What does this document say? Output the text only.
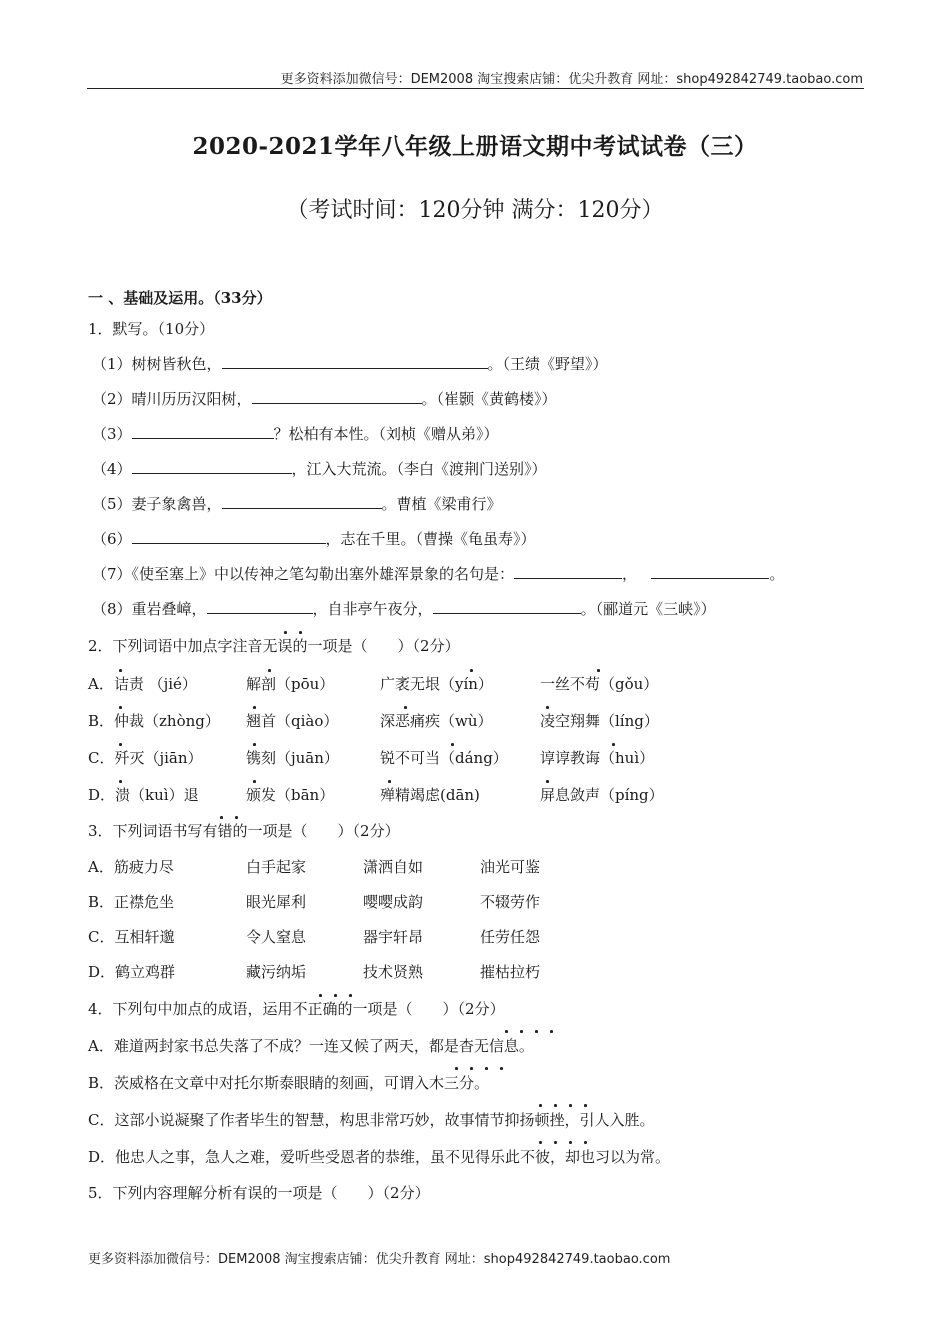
更多资料添加微信号：DEM2008 淘宝搜索店铺：优尖升教育 网址：shop492842749.taobao.com
2020-2021学年八年级上册语文期中考试试卷（三）
（考试时间：120分钟 满分：120分）
一 、基础及运用。（33分）
1．默写。（10分）
（1）树树皆秋色，	。（王绩《野望》）
（2）晴川历历汉阳树，	。（崔颢《黄鹤楼》）
（3）	？松柏有本性。（刘桢《赠从弟》）
（4）	，江入大荒流。（李白《渡荆门送别》）
（5）妻子象禽兽，	。曹植《梁甫行》
（6）	，志在千里。（曹操《龟虽寿》）
（7）《使至塞上》中以传神之笔勾勒出塞外雄浑景象的名句是：	，	。
（8）重岩叠嶂，	，自非亭午夜分，	。（郦道元《三峡》）
2．下列词语中加点字注音无误的一项是（　　）（2分）
A．诘责 （jié）	解剖（pōu）	广袤无垠（yín）	一丝不苟（gǒu）
B．仲裁（zhòng） 翘首（qiào）	深恶痛疾（wù）	凌空翔舞（líng）
C．歼灭（jiān）	镌刻（juān）	锐不可当（dáng） 谆谆教诲（huì）
D．溃（kuì）退	颁发（bān）	殚精竭虑(dān)	屏息敛声（píng）
3．下列词语书写有错的一项是（　　）（2分）
A．筋疲力尽	白手起家	潇洒自如	油光可鉴
B．正襟危坐	眼光犀利	嘤嘤成韵	不辍劳作
C．互相轩邈	令人窒息	器宇轩昂	任劳任怨
D．鹤立鸡群	藏污纳垢	技术贤熟	摧枯拉朽
4．下列句中加点的成语，运用不正确的一项是（　　）（2分）
A．难道两封家书总失落了不成？一连又候了两天，都是杳无信息。
B．茨威格在文章中对托尔斯泰眼睛的刻画，可谓入木三分。
C．这部小说凝聚了作者毕生的智慧，构思非常巧妙，故事情节抑扬顿挫，引人入胜。
D．他忠人之事，急人之难，爱听些受恩者的恭维，虽不见得乐此不彼，却也习以为常。
5．下列内容理解分析有误的一项是（　　）（2分）
更多资料添加微信号：DEM2008 淘宝搜索店铺：优尖升教育 网址：shop492842749.taobao.com
